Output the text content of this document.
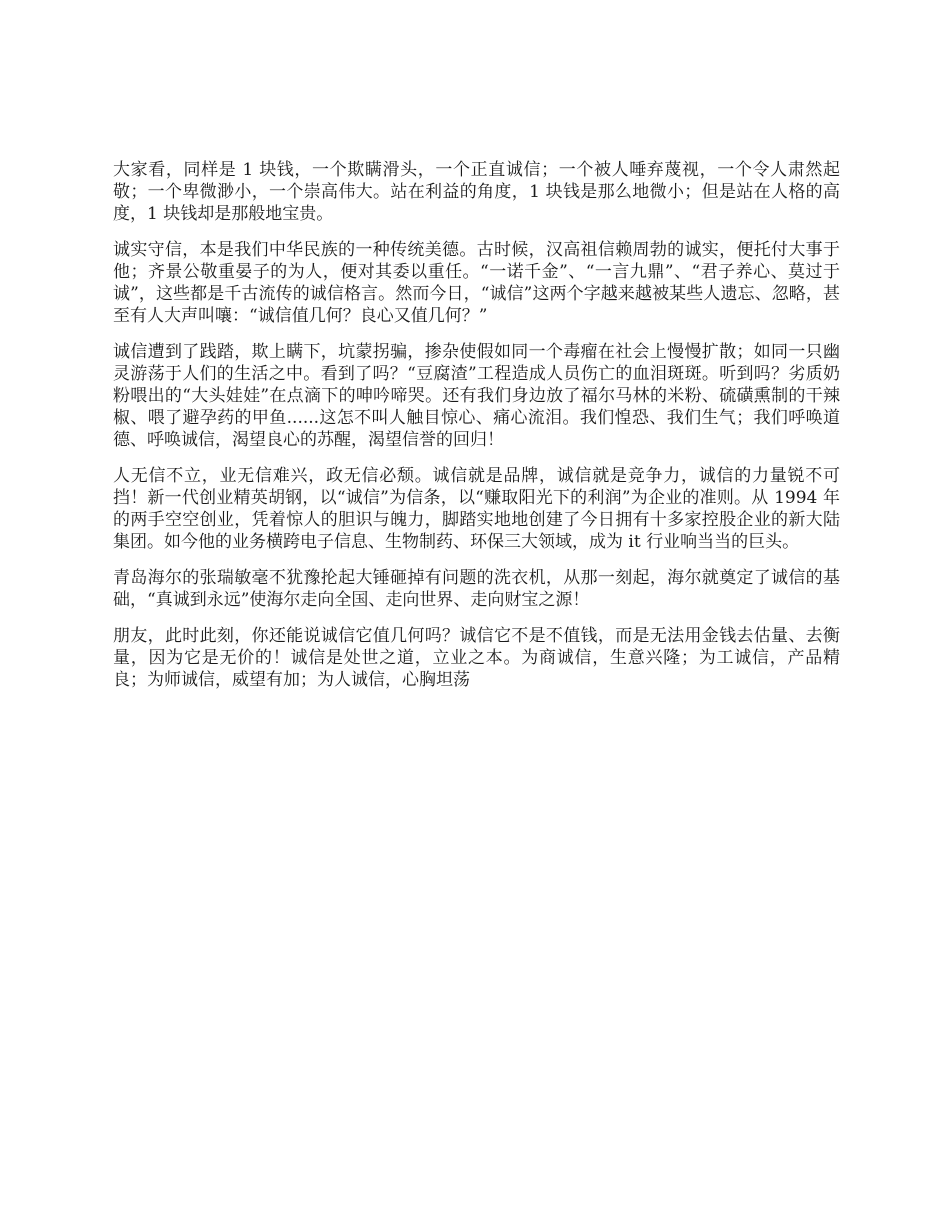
大家看，同样是 1 块钱，一个欺瞒滑头，一个正直诚信；一个被人唾弃蔑视，一个令人肃然起敬；一个卑微渺小，一个崇高伟大。站在利益的角度，1 块钱是那么地微小；但是站在人格的高度，1 块钱却是那般地宝贵。

诚实守信，本是我们中华民族的一种传统美德。古时候，汉高祖信赖周勃的诚实，便托付大事于他；齐景公敬重晏子的为人，便对其委以重任。“一诺千金”、“一言九鼎”、“君子养心、莫过于诚”，这些都是千古流传的诚信格言。然而今日，“诚信”这两个字越来越被某些人遗忘、忽略，甚至有人大声叫嚷：“诚信值几何？良心又值几何？”

诚信遭到了践踏，欺上瞒下，坑蒙拐骗，掺杂使假如同一个毒瘤在社会上慢慢扩散；如同一只幽灵游荡于人们的生活之中。看到了吗？“豆腐渣”工程造成人员伤亡的血泪斑斑。听到吗？劣质奶粉喂出的“大头娃娃”在点滴下的呻吟啼哭。还有我们身边放了福尔马林的米粉、硫磺熏制的干辣椒、喂了避孕药的甲鱼......这怎不叫人触目惊心、痛心流泪。我们惶恐、我们生气；我们呼唤道德、呼唤诚信，渴望良心的苏醒，渴望信誉的回归！

人无信不立，业无信难兴，政无信必颓。诚信就是品牌，诚信就是竞争力，诚信的力量锐不可挡！新一代创业精英胡钢，以“诚信”为信条，以“赚取阳光下的利润”为企业的准则。从 1994 年的两手空空创业，凭着惊人的胆识与魄力，脚踏实地地创建了今日拥有十多家控股企业的新大陆集团。如今他的业务横跨电子信息、生物制药、环保三大领域，成为 it 行业响当当的巨头。

青岛海尔的张瑞敏毫不犹豫抡起大锤砸掉有问题的洗衣机，从那一刻起，海尔就奠定了诚信的基础，“真诚到永远”使海尔走向全国、走向世界、走向财宝之源！

朋友，此时此刻，你还能说诚信它值几何吗？诚信它不是不值钱，而是无法用金钱去估量、去衡量，因为它是无价的！诚信是处世之道，立业之本。为商诚信，生意兴隆；为工诚信，产品精良；为师诚信，威望有加；为人诚信，心胸坦荡
